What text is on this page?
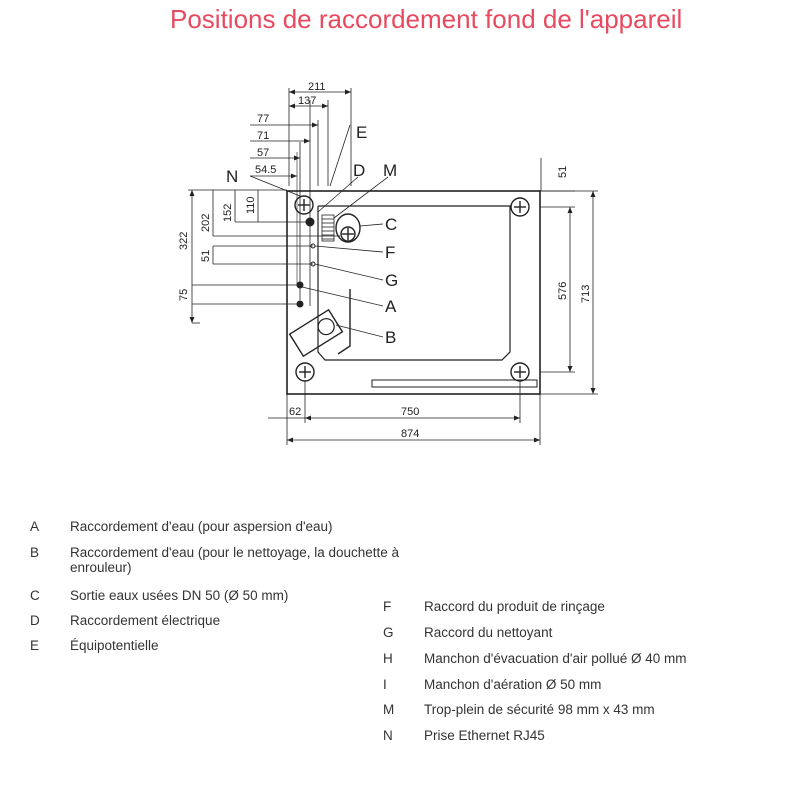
Positions de raccordement fond de l'appareil
211
137
77
71
57
54.5	51
322
202
152 110
51
75	576 713
62	750
874
E
D M
N
C
F
G
A
B
A Raccordement d'eau (pour aspersion d'eau)
B Raccordement d'eau (pour le nettoyage, la douchette à
enrouleur)
C Sortie eaux usées DN 50 (Ø 50 mm)
D Raccordement électrique
E Équipotentielle
F Raccord du produit de rinçage
G Raccord du nettoyant
H Manchon d'évacuation d'air pollué Ø 40 mm
I	Manchon d'aération Ø 50 mm
M Trop-plein de sécurité 98 mm x 43 mm
N Prise Ethernet RJ45
